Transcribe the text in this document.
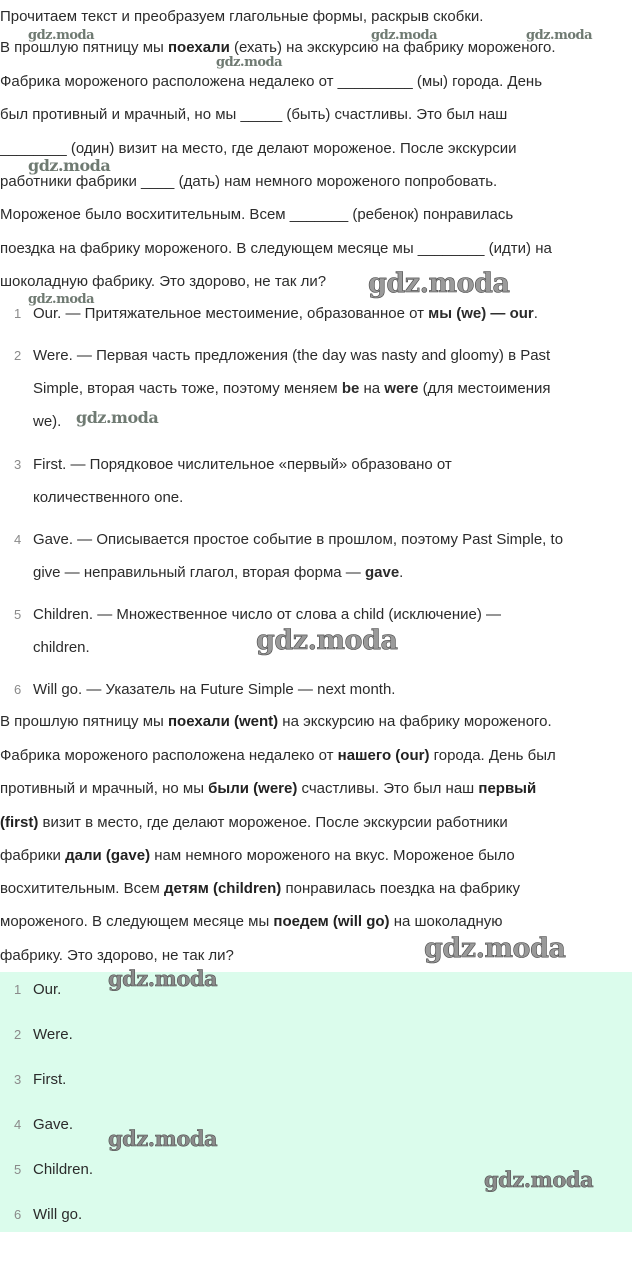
Прочитаем текст и преобразуем глагольные формы, раскрыв скобки.
В прошлую пятницу мы поехали (ехать) на экскурсию на фабрику мороженого.
Фабрика мороженого расположена недалеко от _________ (мы) города. День
был противный и мрачный, но мы _____ (быть) счастливы. Это был наш
________ (один) визит на место, где делают мороженое. После экскурсии
работники фабрики ____ (дать) нам немного мороженого попробовать.
Мороженое было восхитительным. Всем _______ (ребенок) понравилась
поездка на фабрику мороженого. В следующем месяце мы ________ (идти) на
шоколадную фабрику. Это здорово, не так ли?
1 Our. — Притяжательное местоимение, образованное от мы (we) — our.
2 Were. — Первая часть предложения (the day was nasty and gloomy) в Past
Simple, вторая часть тоже, поэтому меняем be на were (для местоимения
we).
3 First. — Порядковое числительное «первый» образовано от
количественного one.
4 Gave. — Описывается простое событие в прошлом, поэтому Past Simple, to
give — неправильный глагол, вторая форма — gave.
5 Children. — Множественное число от слова a child (исключение) —
children.
6 Will go. — Указатель на Future Simple — next month.
В прошлую пятницу мы поехали (went) на экскурсию на фабрику мороженого.
Фабрика мороженого расположена недалеко от нашего (our) города. День был
противный и мрачный, но мы были (were) счастливы. Это был наш первый
(first) визит в место, где делают мороженое. После экскурсии работники
фабрики дали (gave) нам немного мороженого на вкус. Мороженое было
восхитительным. Всем детям (children) понравилась поездка на фабрику
мороженого. В следующем месяце мы поедем (will go) на шоколадную
фабрику. Это здорово, не так ли?
1 Our.
2 Were.
3 First.
4 Gave.
5 Children.
6 Will go.
gdz.moda	gdz.moda	gdz.moda
gdz.moda
gdz.moda
gdz.moda
gdz.moda
gdz.moda
gdz.moda
gdz.moda
gdz.moda
gdz.moda
gdz.moda
